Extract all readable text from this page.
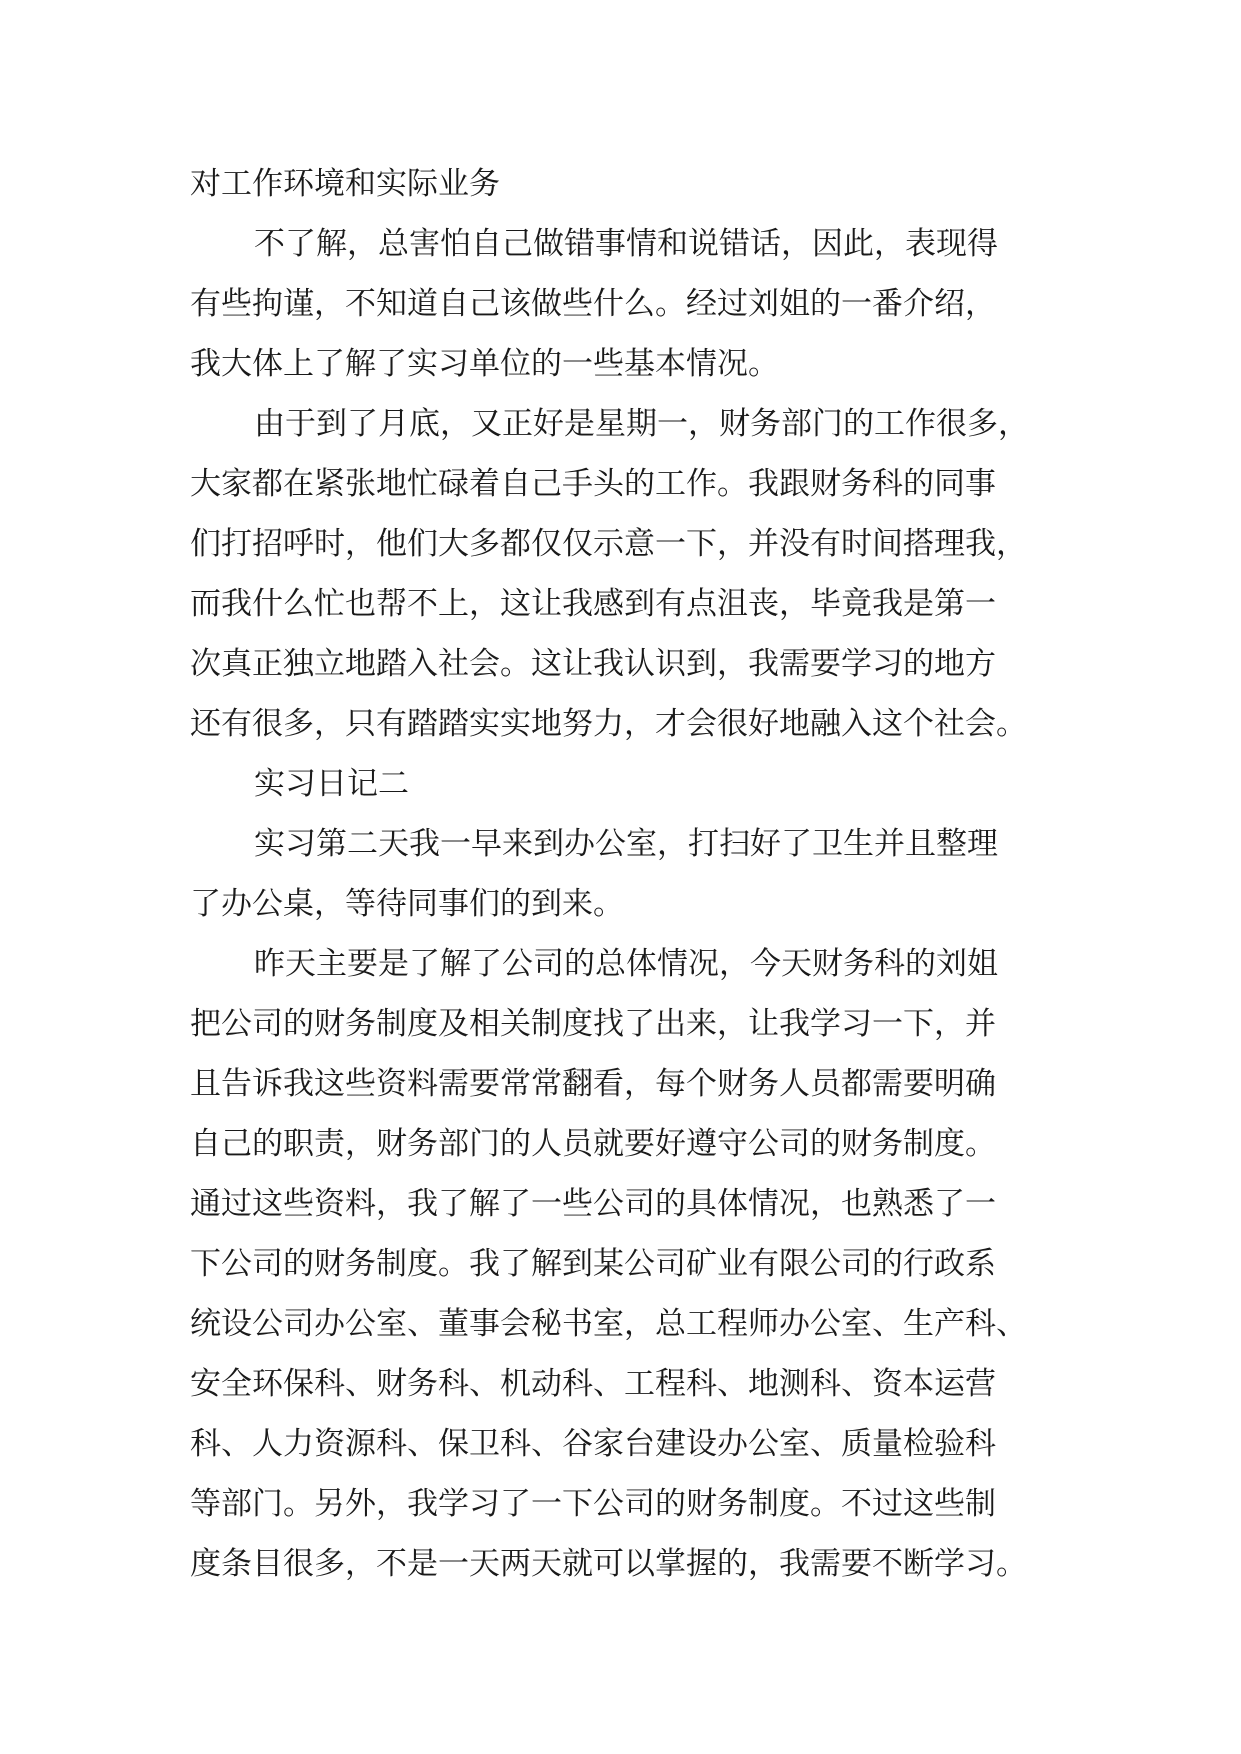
对工作环境和实际业务
不了解，总害怕自己做错事情和说错话，因此，表现得
有些拘谨，不知道自己该做些什么。经过刘姐的一番介绍，
我大体上了解了实习单位的一些基本情况。
由于到了月底，又正好是星期一，财务部门的工作很多，
大家都在紧张地忙碌着自己手头的工作。我跟财务科的同事
们打招呼时，他们大多都仅仅示意一下，并没有时间搭理我，
而我什么忙也帮不上，这让我感到有点沮丧，毕竟我是第一
次真正独立地踏入社会。这让我认识到，我需要学习的地方
还有很多，只有踏踏实实地努力，才会很好地融入这个社会。
实习日记二
实习第二天我一早来到办公室，打扫好了卫生并且整理
了办公桌，等待同事们的到来。
昨天主要是了解了公司的总体情况，今天财务科的刘姐
把公司的财务制度及相关制度找了出来，让我学习一下，并
且告诉我这些资料需要常常翻看，每个财务人员都需要明确
自己的职责，财务部门的人员就要好遵守公司的财务制度。
通过这些资料，我了解了一些公司的具体情况，也熟悉了一
下公司的财务制度。我了解到某公司矿业有限公司的行政系
统设公司办公室、董事会秘书室，总工程师办公室、生产科、
安全环保科、财务科、机动科、工程科、地测科、资本运营
科、人力资源科、保卫科、谷家台建设办公室、质量检验科
等部门。另外，我学习了一下公司的财务制度。不过这些制
度条目很多，不是一天两天就可以掌握的，我需要不断学习。
